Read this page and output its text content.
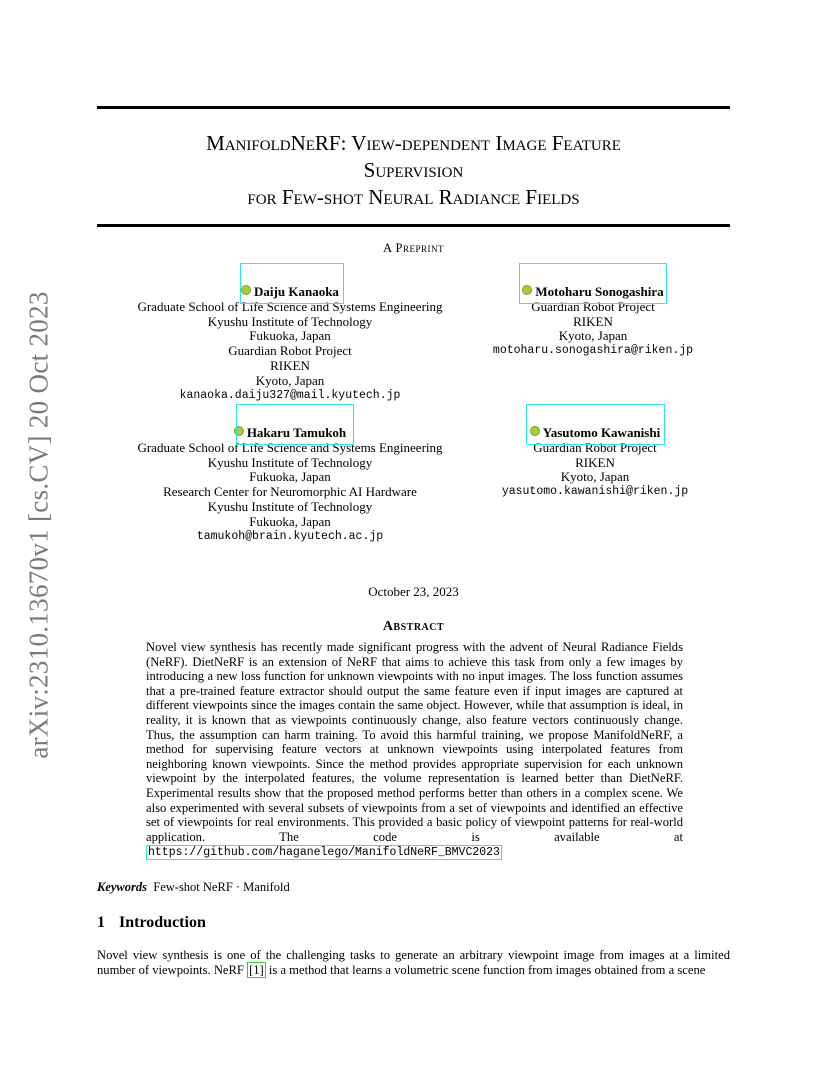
arXiv:2310.13670v1 [cs.CV] 20 Oct 2023
ManifoldNeRF: View-dependent Image Feature
Supervision
for Few-shot Neural Radiance Fields
A Preprint
Daiju Kanaoka
Graduate School of Life Science and Systems Engineering
Kyushu Institute of Technology
Fukuoka, Japan
Guardian Robot Project
RIKEN
Kyoto, Japan
kanaoka.daiju327@mail.kyutech.jp
Motoharu Sonogashira
Guardian Robot Project
RIKEN
Kyoto, Japan
motoharu.sonogashira@riken.jp
Hakaru Tamukoh
Graduate School of Life Science and Systems Engineering
Kyushu Institute of Technology
Fukuoka, Japan
Research Center for Neuromorphic AI Hardware
Kyushu Institute of Technology
Fukuoka, Japan
tamukoh@brain.kyutech.ac.jp
Yasutomo Kawanishi
Guardian Robot Project
RIKEN
Kyoto, Japan
yasutomo.kawanishi@riken.jp
October 23, 2023
Abstract
Novel view synthesis has recently made significant progress with the advent of Neural Radiance Fields (NeRF). DietNeRF is an extension of NeRF that aims to achieve this task from only a few images by introducing a new loss function for unknown viewpoints with no input images. The loss function assumes that a pre-trained feature extractor should output the same feature even if input images are captured at different viewpoints since the images contain the same object. However, while that assumption is ideal, in reality, it is known that as viewpoints continuously change, also feature vectors continuously change. Thus, the assumption can harm training. To avoid this harmful training, we propose ManifoldNeRF, a method for supervising feature vectors at unknown viewpoints using interpolated features from neighboring known viewpoints. Since the method provides appropriate supervision for each unknown viewpoint by the interpolated features, the volume representation is learned better than DietNeRF. Experimental results show that the proposed method performs better than others in a complex scene. We also experimented with several subsets of viewpoints from a set of viewpoints and identified an effective set of viewpoints for real environments. This provided a basic policy of viewpoint patterns for real-world application. The code is available at https://github.com/haganelego/ManifoldNeRF_BMVC2023
Keywords Few-shot NeRF · Manifold
1 Introduction
Novel view synthesis is one of the challenging tasks to generate an arbitrary viewpoint image from images at a limited number of viewpoints. NeRF [1] is a method that learns a volumetric scene function from images obtained from a scene
